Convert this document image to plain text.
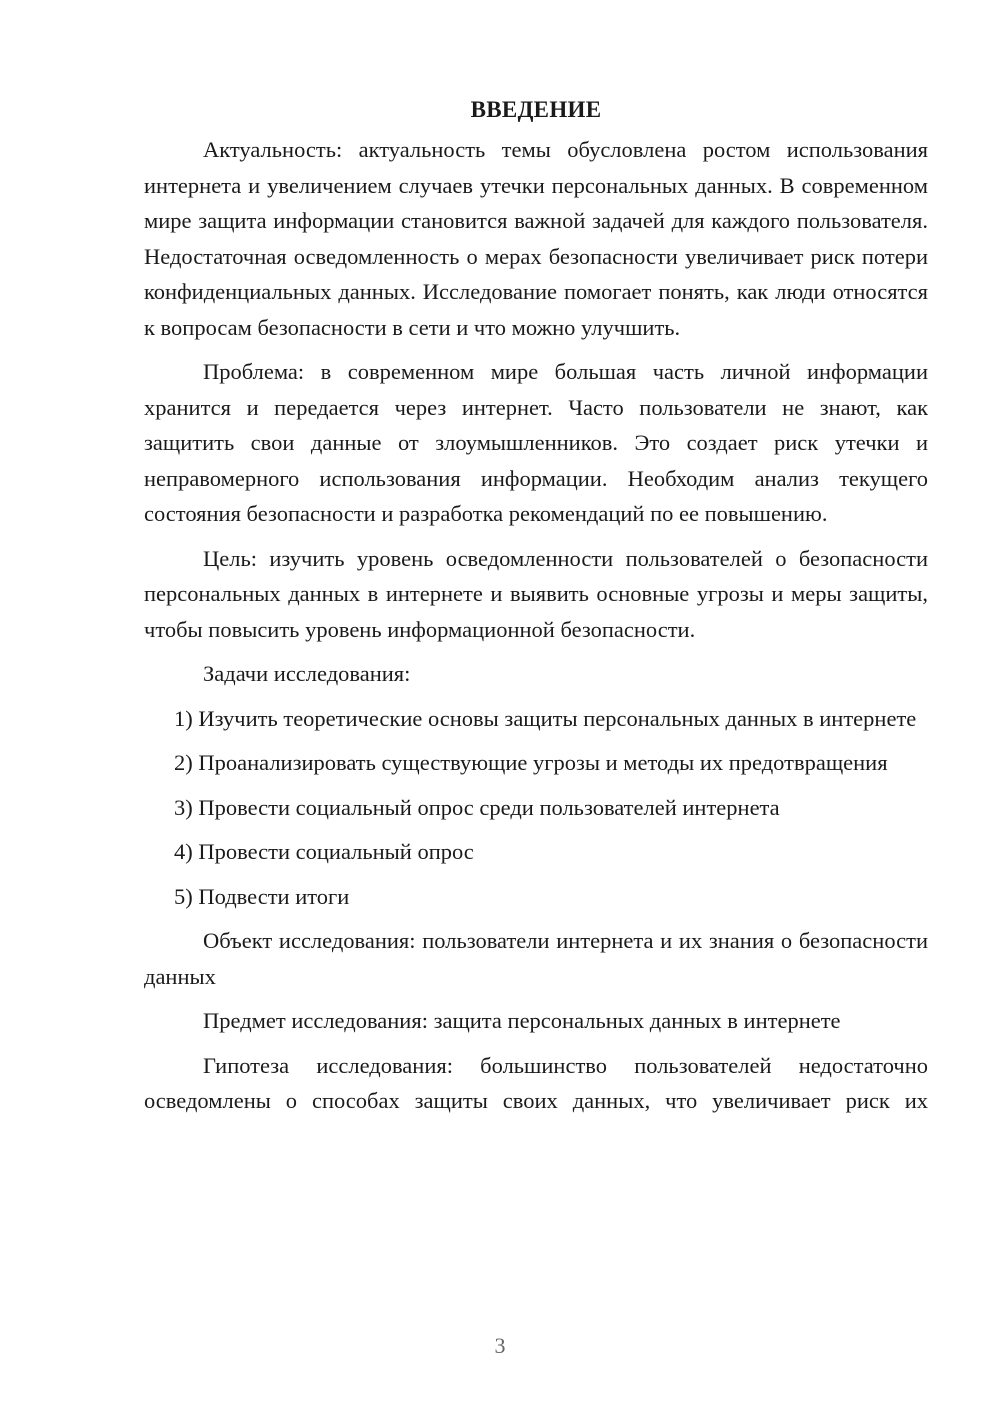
ВВЕДЕНИЕ

Актуальность: актуальность темы обусловлена ростом использования интернета и увеличением случаев утечки персональных данных. В современном мире защита информации становится важной задачей для каждого пользователя. Недостаточная осведомленность о мерах безопасности увеличивает риск потери конфиденциальных данных. Исследование помогает понять, как люди относятся к вопросам безопасности в сети и что можно улучшить.

Проблема: в современном мире большая часть личной информации хранится и передается через интернет. Часто пользователи не знают, как защитить свои данные от злоумышленников. Это создает риск утечки и неправомерного использования информации. Необходим анализ текущего состояния безопасности и разработка рекомендаций по ее повышению.

Цель: изучить уровень осведомленности пользователей о безопасности персональных данных в интернете и выявить основные угрозы и меры защиты, чтобы повысить уровень информационной безопасности.

Задачи исследования:

1) Изучить теоретические основы защиты персональных данных в интернете

2) Проанализировать существующие угрозы и методы их предотвращения

3) Провести социальный опрос среди пользователей интернета

4) Провести социальный опрос

5) Подвести итоги

Объект исследования: пользователи интернета и их знания о безопасности данных

Предмет исследования: защита персональных данных в интернете

Гипотеза исследования: большинство пользователей недостаточно осведомлены о способах защиты своих данных, что увеличивает риск их

3
